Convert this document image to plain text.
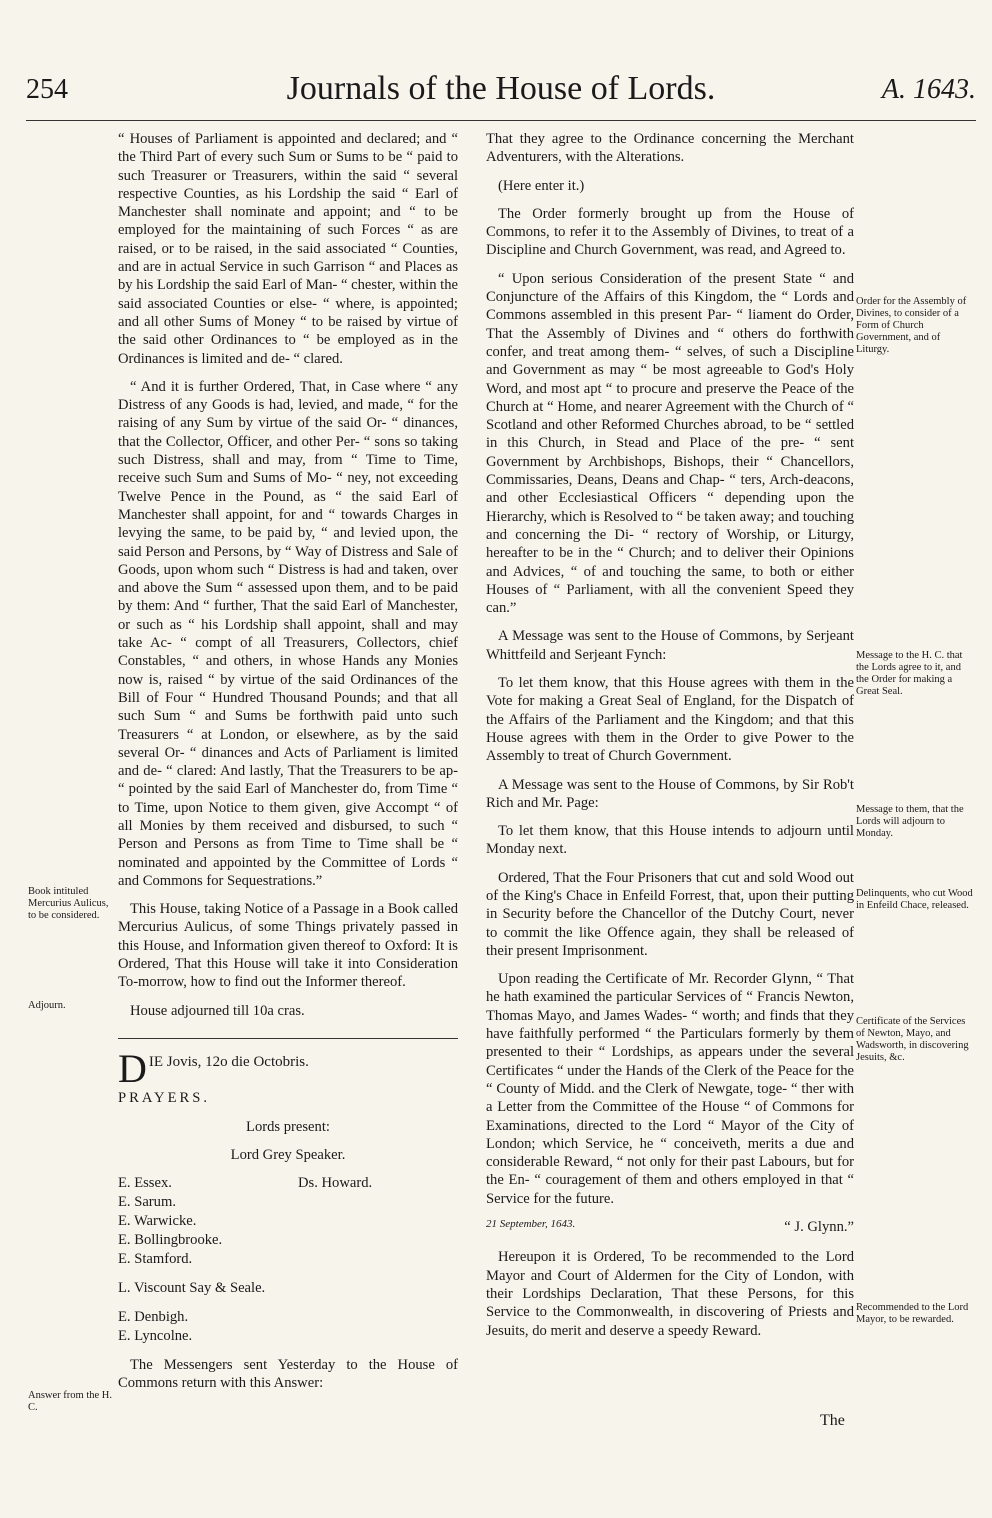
254	Journals of the House of Lords.	A. 1643.

“ Houses of Parliament is appointed and declared; and “ the Third Part of every such Sum or Sums to be “ paid to such Treasurer or Treasurers, within the said “ several respective Counties, as his Lordship the said “ Earl of Manchester shall nominate and appoint; and “ to be employed for the maintaining of such Forces “ as are raised, or to be raised, in the said associated “ Counties, and are in actual Service in such Garrison “ and Places as by his Lordship the said Earl of Man- “ chester, within the said associated Counties or else- “ where, is appointed; and all other Sums of Money “ to be raised by virtue of the said other Ordinances to “ be employed as in the Ordinances is limited and de- “ clared.

“ And it is further Ordered, That, in Case where “ any Distress of any Goods is had, levied, and made, “ for the raising of any Sum by virtue of the said Or- “ dinances, that the Collector, Officer, and other Per- “ sons so taking such Distress, shall and may, from “ Time to Time, receive such Sum and Sums of Mo- “ ney, not exceeding Twelve Pence in the Pound, as “ the said Earl of Manchester shall appoint, for and “ towards Charges in levying the same, to be paid by, “ and levied upon, the said Person and Persons, by “ Way of Distress and Sale of Goods, upon whom such “ Distress is had and taken, over and above the Sum “ assessed upon them, and to be paid by them: And “ further, That the said Earl of Manchester, or such as “ his Lordship shall appoint, shall and may take Ac- “ compt of all Treasurers, Collectors, chief Constables, “ and others, in whose Hands any Monies now is, raised “ by virtue of the said Ordinances of the Bill of Four “ Hundred Thousand Pounds; and that all such Sum “ and Sums be forthwith paid unto such Treasurers “ at London, or elsewhere, as by the said several Or- “ dinances and Acts of Parliament is limited and de- “ clared: And lastly, That the Treasurers to be ap- “ pointed by the said Earl of Manchester do, from Time “ to Time, upon Notice to them given, give Accompt “ of all Monies by them received and disbursed, to such “ Person and Persons as from Time to Time shall be “ nominated and appointed by the Committee of Lords “ and Commons for Sequestrations.”

This House, taking Notice of a Passage in a Book called Mercurius Aulicus, of some Things privately passed in this House, and Information given thereof to Oxford: It is Ordered, That this House will take it into Consideration To-morrow, how to find out the Informer thereof.

House adjourned till 10a cras.

D IE Jovis, 12o die Octobris.

PRAYERS.

Lords present:

Lord Grey Speaker.

E. Essex.
E. Sarum.
E. Warwicke.
E. Bollingbrooke.
E. Stamford.
L. Viscount Say & Seale.
E. Denbigh.
E. Lyncolne.
Ds. Howard.

The Messengers sent Yesterday to the House of Commons return with this Answer:

Book intituled Mercurius Aulicus, to be considered.
Adjourn.
Answer from the H. C.

That they agree to the Ordinance concerning the Merchant Adventurers, with the Alterations.

(Here enter it.)

The Order formerly brought up from the House of Commons, to refer it to the Assembly of Divines, to treat of a Discipline and Church Government, was read, and Agreed to.

“ Upon serious Consideration of the present State “ and Conjuncture of the Affairs of this Kingdom, the “ Lords and Commons assembled in this present Par- “ liament do Order, That the Assembly of Divines and “ others do forthwith confer, and treat among them- “ selves, of such a Discipline and Government as may “ be most agreeable to God's Holy Word, and most apt “ to procure and preserve the Peace of the Church at “ Home, and nearer Agreement with the Church of “ Scotland and other Reformed Churches abroad, to be “ settled in this Church, in Stead and Place of the pre- “ sent Government by Archbishops, Bishops, their “ Chancellors, Commissaries, Deans, Deans and Chap- “ ters, Arch-deacons, and other Ecclesiastical Officers “ depending upon the Hierarchy, which is Resolved to “ be taken away; and touching and concerning the Di- “ rectory of Worship, or Liturgy, hereafter to be in the “ Church; and to deliver their Opinions and Advices, “ of and touching the same, to both or either Houses of “ Parliament, with all the convenient Speed they can.”

A Message was sent to the House of Commons, by Serjeant Whittfeild and Serjeant Fynch:

To let them know, that this House agrees with them in the Vote for making a Great Seal of England, for the Dispatch of the Affairs of the Parliament and the Kingdom; and that this House agrees with them in the Order to give Power to the Assembly to treat of Church Government.

A Message was sent to the House of Commons, by Sir Rob't Rich and Mr. Page:

To let them know, that this House intends to adjourn until Monday next.

Ordered, That the Four Prisoners that cut and sold Wood out of the King's Chace in Enfeild Forrest, that, upon their putting in Security before the Chancellor of the Dutchy Court, never to commit the like Offence again, they shall be released of their present Imprisonment.

Upon reading the Certificate of Mr. Recorder Glynn, “ That he hath examined the particular Services of “ Francis Newton, Thomas Mayo, and James Wades- “ worth; and finds that they have faithfully performed “ the Particulars formerly by them presented to their “ Lordships, as appears under the several Certificates “ under the Hands of the Clerk of the Peace for the “ County of Midd. and the Clerk of Newgate, toge- “ ther with a Letter from the Committee of the House “ of Commons for Examinations, directed to the Lord “ Mayor of the City of London; which Service, he “ conceiveth, merits a due and considerable Reward, “ not only for their past Labours, but for the En- “ couragement of them and others employed in that “ Service for the future.

21 September, 1643.	“ J. Glynn.”

Hereupon it is Ordered, To be recommended to the Lord Mayor and Court of Aldermen for the City of London, with their Lordships Declaration, That these Persons, for this Service to the Commonwealth, in discovering of Priests and Jesuits, do merit and deserve a speedy Reward.

Order for the Assembly of Divines, to consider of a Form of Church Government, and of Liturgy.
Message to the H. C. that the Lords agree to it, and the Order for making a Great Seal.
Message to them, that the Lords will adjourn to Monday.
Delinquents, who cut Wood in Enfeild Chace, released.
Certificate of the Services of Newton, Mayo, and Wadsworth, in discovering Jesuits, &c.
Recommended to the Lord Mayor, to be rewarded.
The
